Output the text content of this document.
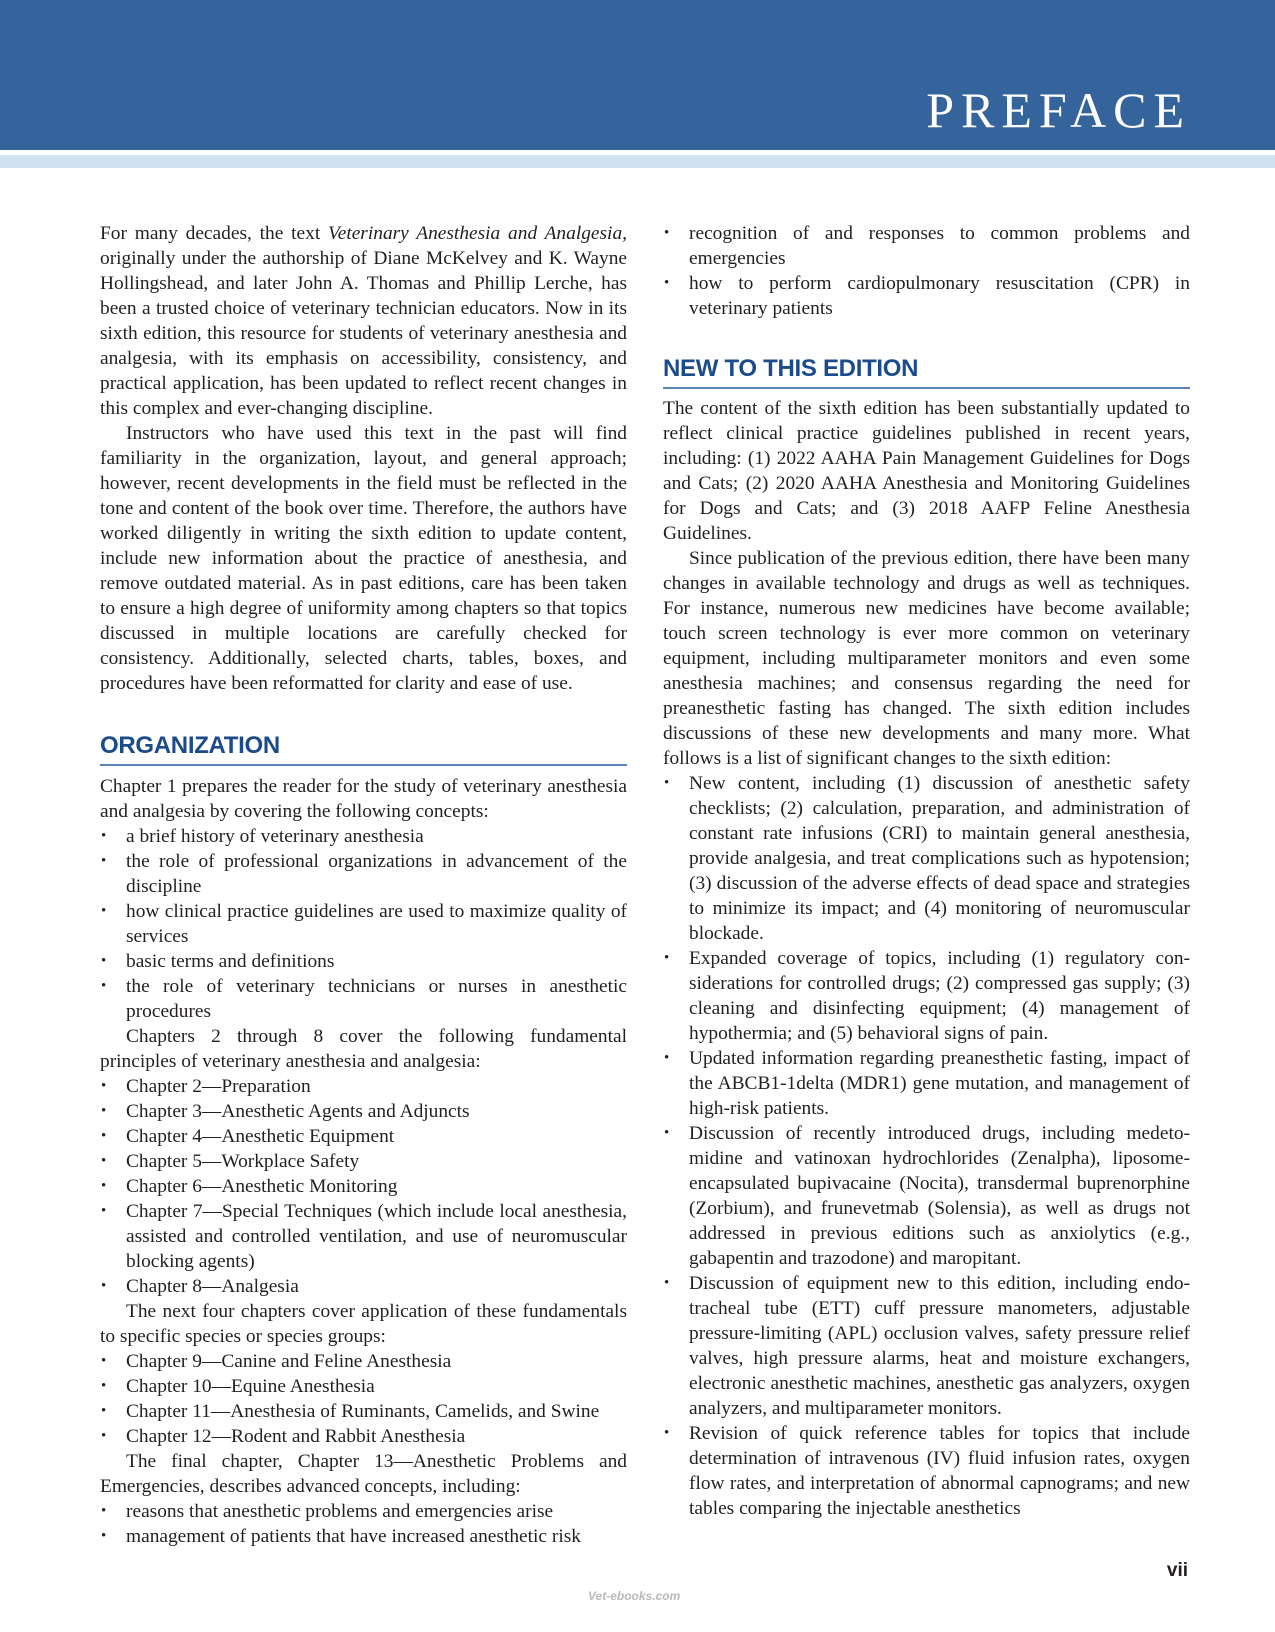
PREFACE

For many decades, the text Veterinary Anesthesia and Analgesia, originally under the authorship of Diane McKelvey and K. Wayne Hollingshead, and later John A. Thomas and Phillip Lerche, has been a trusted choice of veterinary technician educators. Now in its sixth edition, this resource for students of veterinary anesthesia and analgesia, with its emphasis on accessibility, consistency, and practical application, has been updated to reflect recent changes in this complex and ever-changing discipline.

Instructors who have used this text in the past will find familiarity in the organization, layout, and general approach; however, recent developments in the field must be reflected in the tone and content of the book over time. Therefore, the authors have worked diligently in writing the sixth edition to update content, include new information about the practice of anesthesia, and remove outdated material. As in past editions, care has been taken to ensure a high degree of uniformity among chapters so that topics discussed in multiple locations are carefully checked for consistency. Additionally, selected charts, tables, boxes, and procedures have been reformatted for clarity and ease of use.

ORGANIZATION

Chapter 1 prepares the reader for the study of veterinary anesthesia and analgesia by covering the following concepts:

• a brief history of veterinary anesthesia
• the role of professional organizations in advancement of the discipline
• how clinical practice guidelines are used to maximize quality of services
• basic terms and definitions
• the role of veterinary technicians or nurses in anesthetic procedures

Chapters 2 through 8 cover the following fundamental principles of veterinary anesthesia and analgesia:

• Chapter 2—Preparation
• Chapter 3—Anesthetic Agents and Adjuncts
• Chapter 4—Anesthetic Equipment
• Chapter 5—Workplace Safety
• Chapter 6—Anesthetic Monitoring
• Chapter 7—Special Techniques (which include local anesthesia, assisted and controlled ventilation, and use of neuromuscular blocking agents)
• Chapter 8—Analgesia

The next four chapters cover application of these fundamentals to specific species or species groups:

• Chapter 9—Canine and Feline Anesthesia
• Chapter 10—Equine Anesthesia
• Chapter 11—Anesthesia of Ruminants, Camelids, and Swine
• Chapter 12—Rodent and Rabbit Anesthesia

The final chapter, Chapter 13—Anesthetic Problems and Emergencies, describes advanced concepts, including:

• reasons that anesthetic problems and emergencies arise
• management of patients that have increased anesthetic risk
• recognition of and responses to common problems and emergencies
• how to perform cardiopulmonary resuscitation (CPR) in veterinary patients
NEW TO THIS EDITION

The content of the sixth edition has been substantially updated to reflect clinical practice guidelines published in recent years, including: (1) 2022 AAHA Pain Management Guidelines for Dogs and Cats; (2) 2020 AAHA Anesthesia and Monitoring Guidelines for Dogs and Cats; and (3) 2018 AAFP Feline Anesthesia Guidelines.

Since publication of the previous edition, there have been many changes in available technology and drugs as well as techniques. For instance, numerous new medicines have become available; touch screen technology is ever more common on veterinary equipment, including multiparameter monitors and even some anesthesia machines; and consensus regarding the need for preanesthetic fasting has changed. The sixth edition includes discussions of these new developments and many more. What follows is a list of significant changes to the sixth edition:

• New content, including (1) discussion of anesthetic safety checklists; (2) calculation, preparation, and administration of constant rate infusions (CRI) to maintain general anesthesia, provide analgesia, and treat complications such as hypotension; (3) discussion of the adverse effects of dead space and strategies to minimize its impact; and (4) monitoring of neuromuscular blockade.
• Expanded coverage of topics, including (1) regulatory considerations for controlled drugs; (2) compressed gas supply; (3) cleaning and disinfecting equipment; (4) management of hypothermia; and (5) behavioral signs of pain.
• Updated information regarding preanesthetic fasting, impact of the ABCB1-1delta (MDR1) gene mutation, and management of high-risk patients.
• Discussion of recently introduced drugs, including medetomidine and vatinoxan hydrochlorides (Zenalpha), liposome-encapsulated bupivacaine (Nocita), transdermal buprenorphine (Zorbium), and frunevetmab (Solensia), as well as drugs not addressed in previous editions such as anxiolytics (e.g., gabapentin and trazodone) and maropitant.
• Discussion of equipment new to this edition, including endotracheal tube (ETT) cuff pressure manometers, adjustable pressure-limiting (APL) occlusion valves, safety pressure relief valves, high pressure alarms, heat and moisture exchangers, electronic anesthetic machines, anesthetic gas analyzers, oxygen analyzers, and multiparameter monitors.
• Revision of quick reference tables for topics that include determination of intravenous (IV) fluid infusion rates, oxygen flow rates, and interpretation of abnormal capnograms; and new tables comparing the injectable anesthetics
vii
Vet-ebooks.com
